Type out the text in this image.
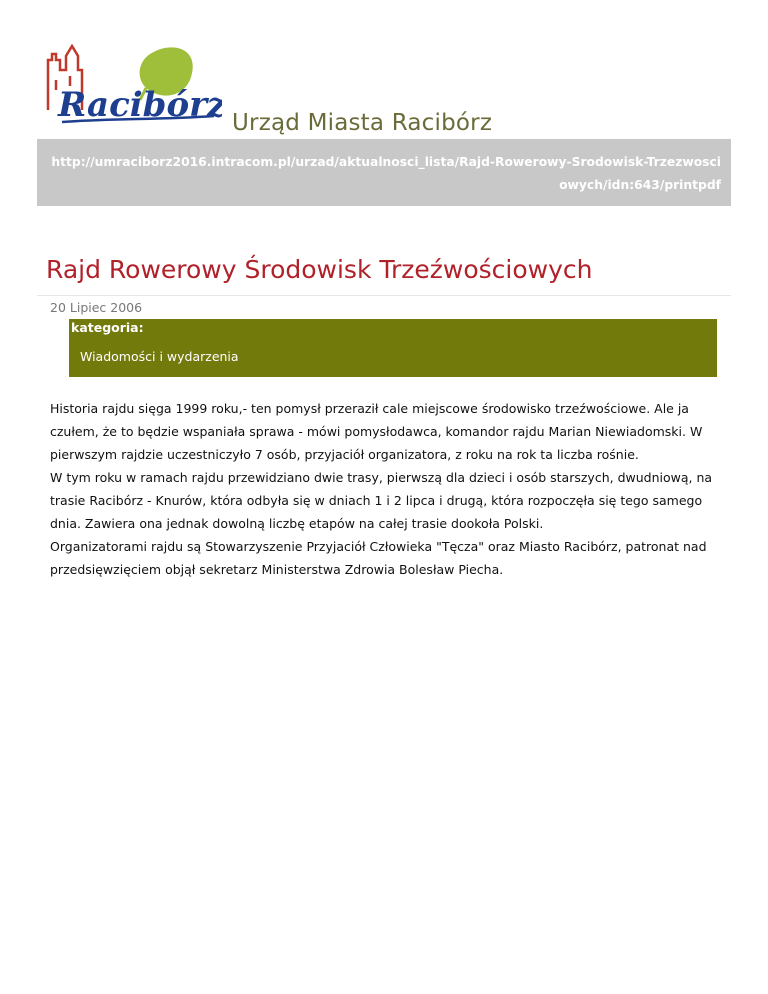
Racibórz Urząd Miasta Racibórz
http://umraciborz2016.intracom.pl/urzad/aktualnosci_lista/Rajd-Rowerowy-Srodowisk-Trzezwosciowych/idn:643/printpdf
Rajd Rowerowy Środowisk Trzeźwościowych
20 Lipiec 2006
kategoria:
Wiadomości i wydarzenia

Historia rajdu sięga 1999 roku,- ten pomysł przeraził cale miejscowe środowisko trzeźwościowe. Ale ja czułem, że to będzie wspaniała sprawa - mówi pomysłodawca, komandor rajdu Marian Niewiadomski. W pierwszym rajdzie uczestniczyło 7 osób, przyjaciół organizatora, z roku na rok ta liczba rośnie.

W tym roku w ramach rajdu przewidziano dwie trasy, pierwszą dla dzieci i osób starszych, dwudniową, na trasie Racibórz - Knurów, która odbyła się w dniach 1 i 2 lipca i drugą, która rozpoczęła się tego samego dnia. Zawiera ona jednak dowolną liczbę etapów na całej trasie dookoła Polski.

Organizatorami rajdu są Stowarzyszenie Przyjaciół Człowieka "Tęcza" oraz Miasto Racibórz, patronat nad przedsięwzięciem objął sekretarz Ministerstwa Zdrowia Bolesław Piecha.
